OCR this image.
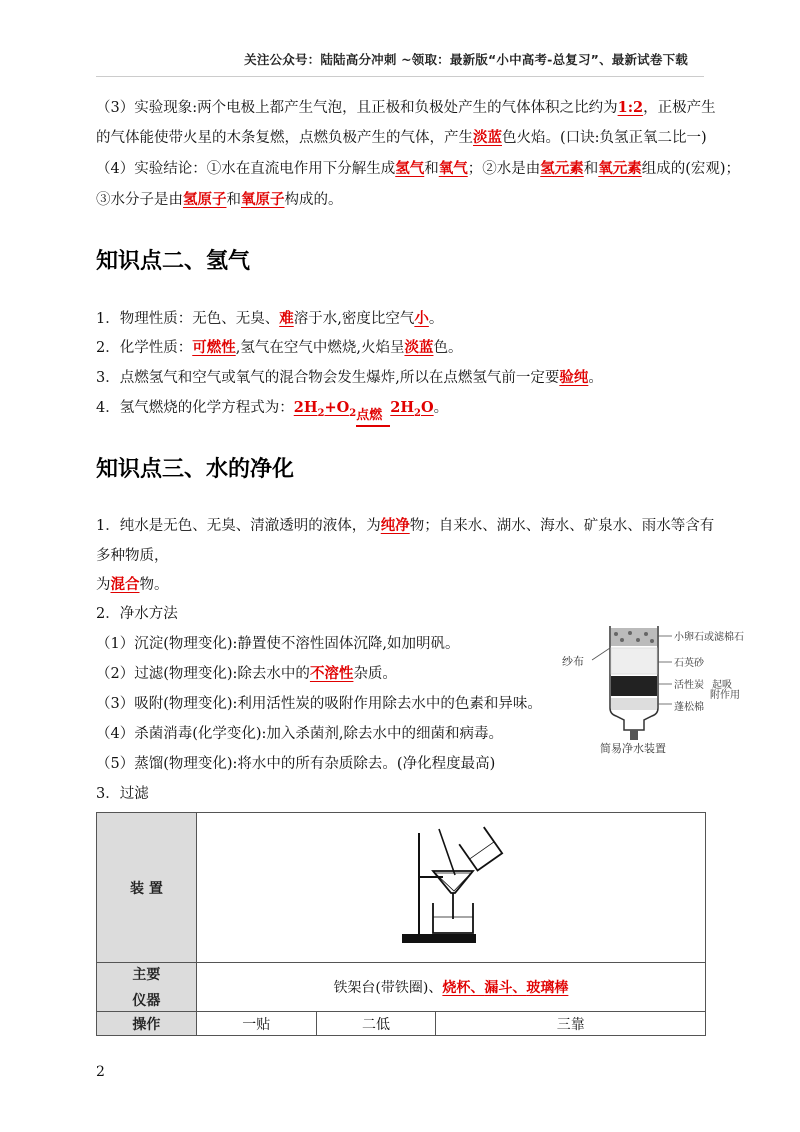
关注公众号：陆陆高分冲刺 ~领取：最新版“小中高考-总复习”、最新试卷下载
（3）实验现象:两个电极上都产生气泡，且正极和负极处产生的气体体积之比约为1:2，正极产生
的气体能使带火星的木条复燃，点燃负极产生的气体，产生淡蓝色火焰。(口诀:负氢正氧二比一)
（4）实验结论：①水在直流电作用下分解生成氢气和氧气；②水是由氢元素和氧元素组成的(宏观)；
③水分子是由氢原子和氧原子构成的。
知识点二、氢气
1．物理性质：无色、无臭、难溶于水,密度比空气小。
2．化学性质：可燃性,氢气在空气中燃烧,火焰呈淡蓝色。
3．点燃氢气和空气或氧气的混合物会发生爆炸,所以在点燃氢气前一定要验纯。
4．氢气燃烧的化学方程式为：$2H_2+O_2$ 点燃 $2H_2O$。
知识点三、水的净化
1．纯水是无色、无臭、清澈透明的液体，为纯净物；自来水、湖水、海水、矿泉水、雨水等含有
多种物质，
为混合物。
2．净水方法
（1）沉淀(物理变化):静置使不溶性固体沉降,如加明矾。
（2）过滤(物理变化):除去水中的不溶性杂质。
（3）吸附(物理变化):利用活性炭的吸附作用除去水中的色素和异味。
（4）杀菌消毒(化学变化):加入杀菌剂,除去水中的细菌和病毒。
（5）蒸馏(物理变化):将水中的所有杂质除去。(净化程度最高)
3．过滤
纱布
小卵石或滤棉石
石英砂
活性炭 起吸
附作用
蓬松棉
简易净水装置
装 置	

主要
仪器	铁架台(带铁圈)、烧杯、漏斗、玻璃棒		
操作	一贴	二低	三靠
2
